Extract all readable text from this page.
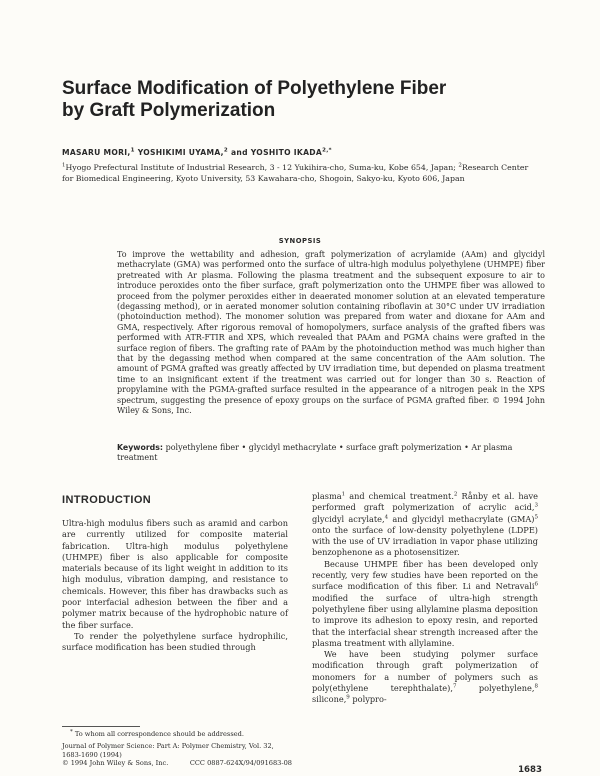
Surface Modification of Polyethylene Fiber
by Graft Polymerization
MASARU MORI,$^1$ YOSHIKIMI UYAMA,$^2$ and YOSHITO $IKADA^{2,*}$
$^1$Hyogo Prefectural Institute of Industrial Research, 3 - 12 Yukihira-cho, Suma-ku, Kobe 654, Japan; $^2$Research Center for Biomedical Engineering, Kyoto University, 53 Kawahara-cho, Shogoin, Sakyo-ku, Kyoto 606, Japan
SYNOPSIS
To improve the wettability and adhesion, graft polymerization of acrylamide (AAm) and glycidyl methacrylate (GMA) was performed onto the surface of ultra-high modulus polyethylene (UHMPE) fiber pretreated with Ar plasma. Following the plasma treatment and the subsequent exposure to air to introduce peroxides onto the fiber surface, graft polymerization onto the UHMPE fiber was allowed to proceed from the polymer peroxides either in deaerated monomer solution at an elevated temperature (degassing method), or in aerated monomer solution containing riboflavin at 30°C under UV irradiation (photoinduction method). The monomer solution was prepared from water and dioxane for AAm and GMA, respectively. After rigorous removal of homopolymers, surface analysis of the grafted fibers was performed with ATR-FTIR and XPS, which revealed that PAAm and PGMA chains were grafted in the surface region of fibers. The grafting rate of PAAm by the photoinduction method was much higher than that by the degassing method when compared at the same concentration of the AAm solution. The amount of PGMA grafted was greatly affected by UV irradiation time, but depended on plasma treatment time to an insignificant extent if the treatment was carried out for longer than 30 s. Reaction of propylamine with the PGMA-grafted surface resulted in the appearance of a nitrogen peak in the XPS spectrum, suggesting the presence of epoxy groups on the surface of PGMA grafted fiber. © 1994 John Wiley & Sons, Inc.
Keywords: polyethylene fiber • glycidyl methacrylate • surface graft polymerization • Ar plasma treatment
INTRODUCTION

Ultra-high modulus fibers such as aramid and carbon are currently utilized for composite material fabrication. Ultra-high modulus polyethylene (UHMPE) fiber is also applicable for composite materials because of its light weight in addition to its high modulus, vibration damping, and resistance to chemicals. However, this fiber has drawbacks such as poor interfacial adhesion between the fiber and a polymer matrix because of the hydrophobic nature of the fiber surface.

To render the polyethylene surface hydrophilic, surface modification has been studied through

plasma$^1$ and chemical treatment.$^2$ Rånby et al. have performed graft polymerization of acrylic acid,$^3$ glycidyl acrylate,$^4$ and glycidyl methacrylate (GMA)$^5$ onto the surface of low-density polyethylene (LDPE) with the use of UV irradiation in vapor phase utilizing benzophenone as a photosensitizer.

Because UHMPE fiber has been developed only recently, very few studies have been reported on the surface modification of this fiber. Li and Netravali$^6$ modified the surface of ultra-high strength polyethylene fiber using allylamine plasma deposition to improve its adhesion to epoxy resin, and reported that the interfacial shear strength increased after the plasma treatment with allylamine.

We have been studying polymer surface modification through graft polymerization of monomers for a number of polymers such as poly(ethylene terephthalate),$^7$	polyethylene,$^8$ silicone,$^9$ polypro-

* To whom all correspondence should be addressed.
Journal of Polymer Science: Part A: Polymer Chemistry, Vol. 32, 1683-1690 (1994)
© 1994 John Wiley & Sons, Inc.	CCC 0887-624X/94/091683-08
1683
